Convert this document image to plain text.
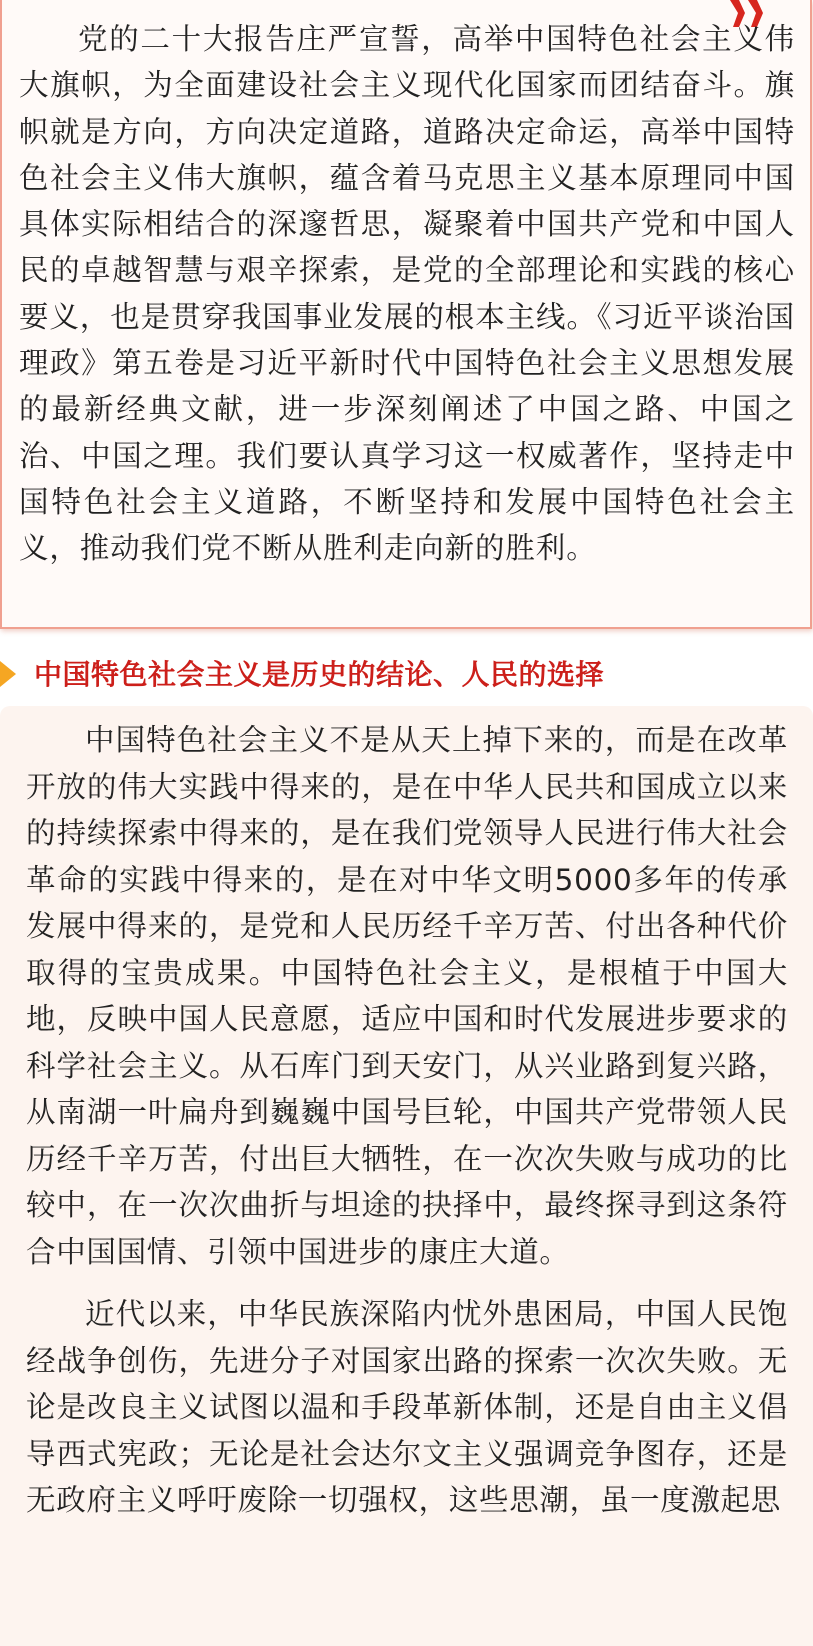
党的二十大报告庄严宣誓，高举中国特色社会主义伟大旗帜，为全面建设社会主义现代化国家而团结奋斗。旗帜就是方向，方向决定道路，道路决定命运，高举中国特色社会主义伟大旗帜，蕴含着马克思主义基本原理同中国具体实际相结合的深邃哲思，凝聚着中国共产党和中国人民的卓越智慧与艰辛探索，是党的全部理论和实践的核心要义，也是贯穿我国事业发展的根本主线。《习近平谈治国理政》第五卷是习近平新时代中国特色社会主义思想发展的最新经典文献，进一步深刻阐述了中国之路、中国之治、中国之理。我们要认真学习这一权威著作，坚持走中国特色社会主义道路，不断坚持和发展中国特色社会主义，推动我们党不断从胜利走向新的胜利。

中国特色社会主义是历史的结论、人民的选择

中国特色社会主义不是从天上掉下来的，而是在改革开放的伟大实践中得来的，是在中华人民共和国成立以来的持续探索中得来的，是在我们党领导人民进行伟大社会革命的实践中得来的，是在对中华文明5000多年的传承发展中得来的，是党和人民历经千辛万苦、付出各种代价取得的宝贵成果。中国特色社会主义，是根植于中国大地，反映中国人民意愿，适应中国和时代发展进步要求的科学社会主义。从石库门到天安门，从兴业路到复兴路，从南湖一叶扁舟到巍巍中国号巨轮，中国共产党带领人民历经千辛万苦，付出巨大牺牲，在一次次失败与成功的比较中，在一次次曲折与坦途的抉择中，最终探寻到这条符合中国国情、引领中国进步的康庄大道。

近代以来，中华民族深陷内忧外患困局，中国人民饱经战争创伤，先进分子对国家出路的探索一次次失败。无论是改良主义试图以温和手段革新体制，还是自由主义倡导西式宪政；无论是社会达尔文主义强调竞争图存，还是无政府主义呼吁废除一切强权，这些思潮，虽一度激起思
